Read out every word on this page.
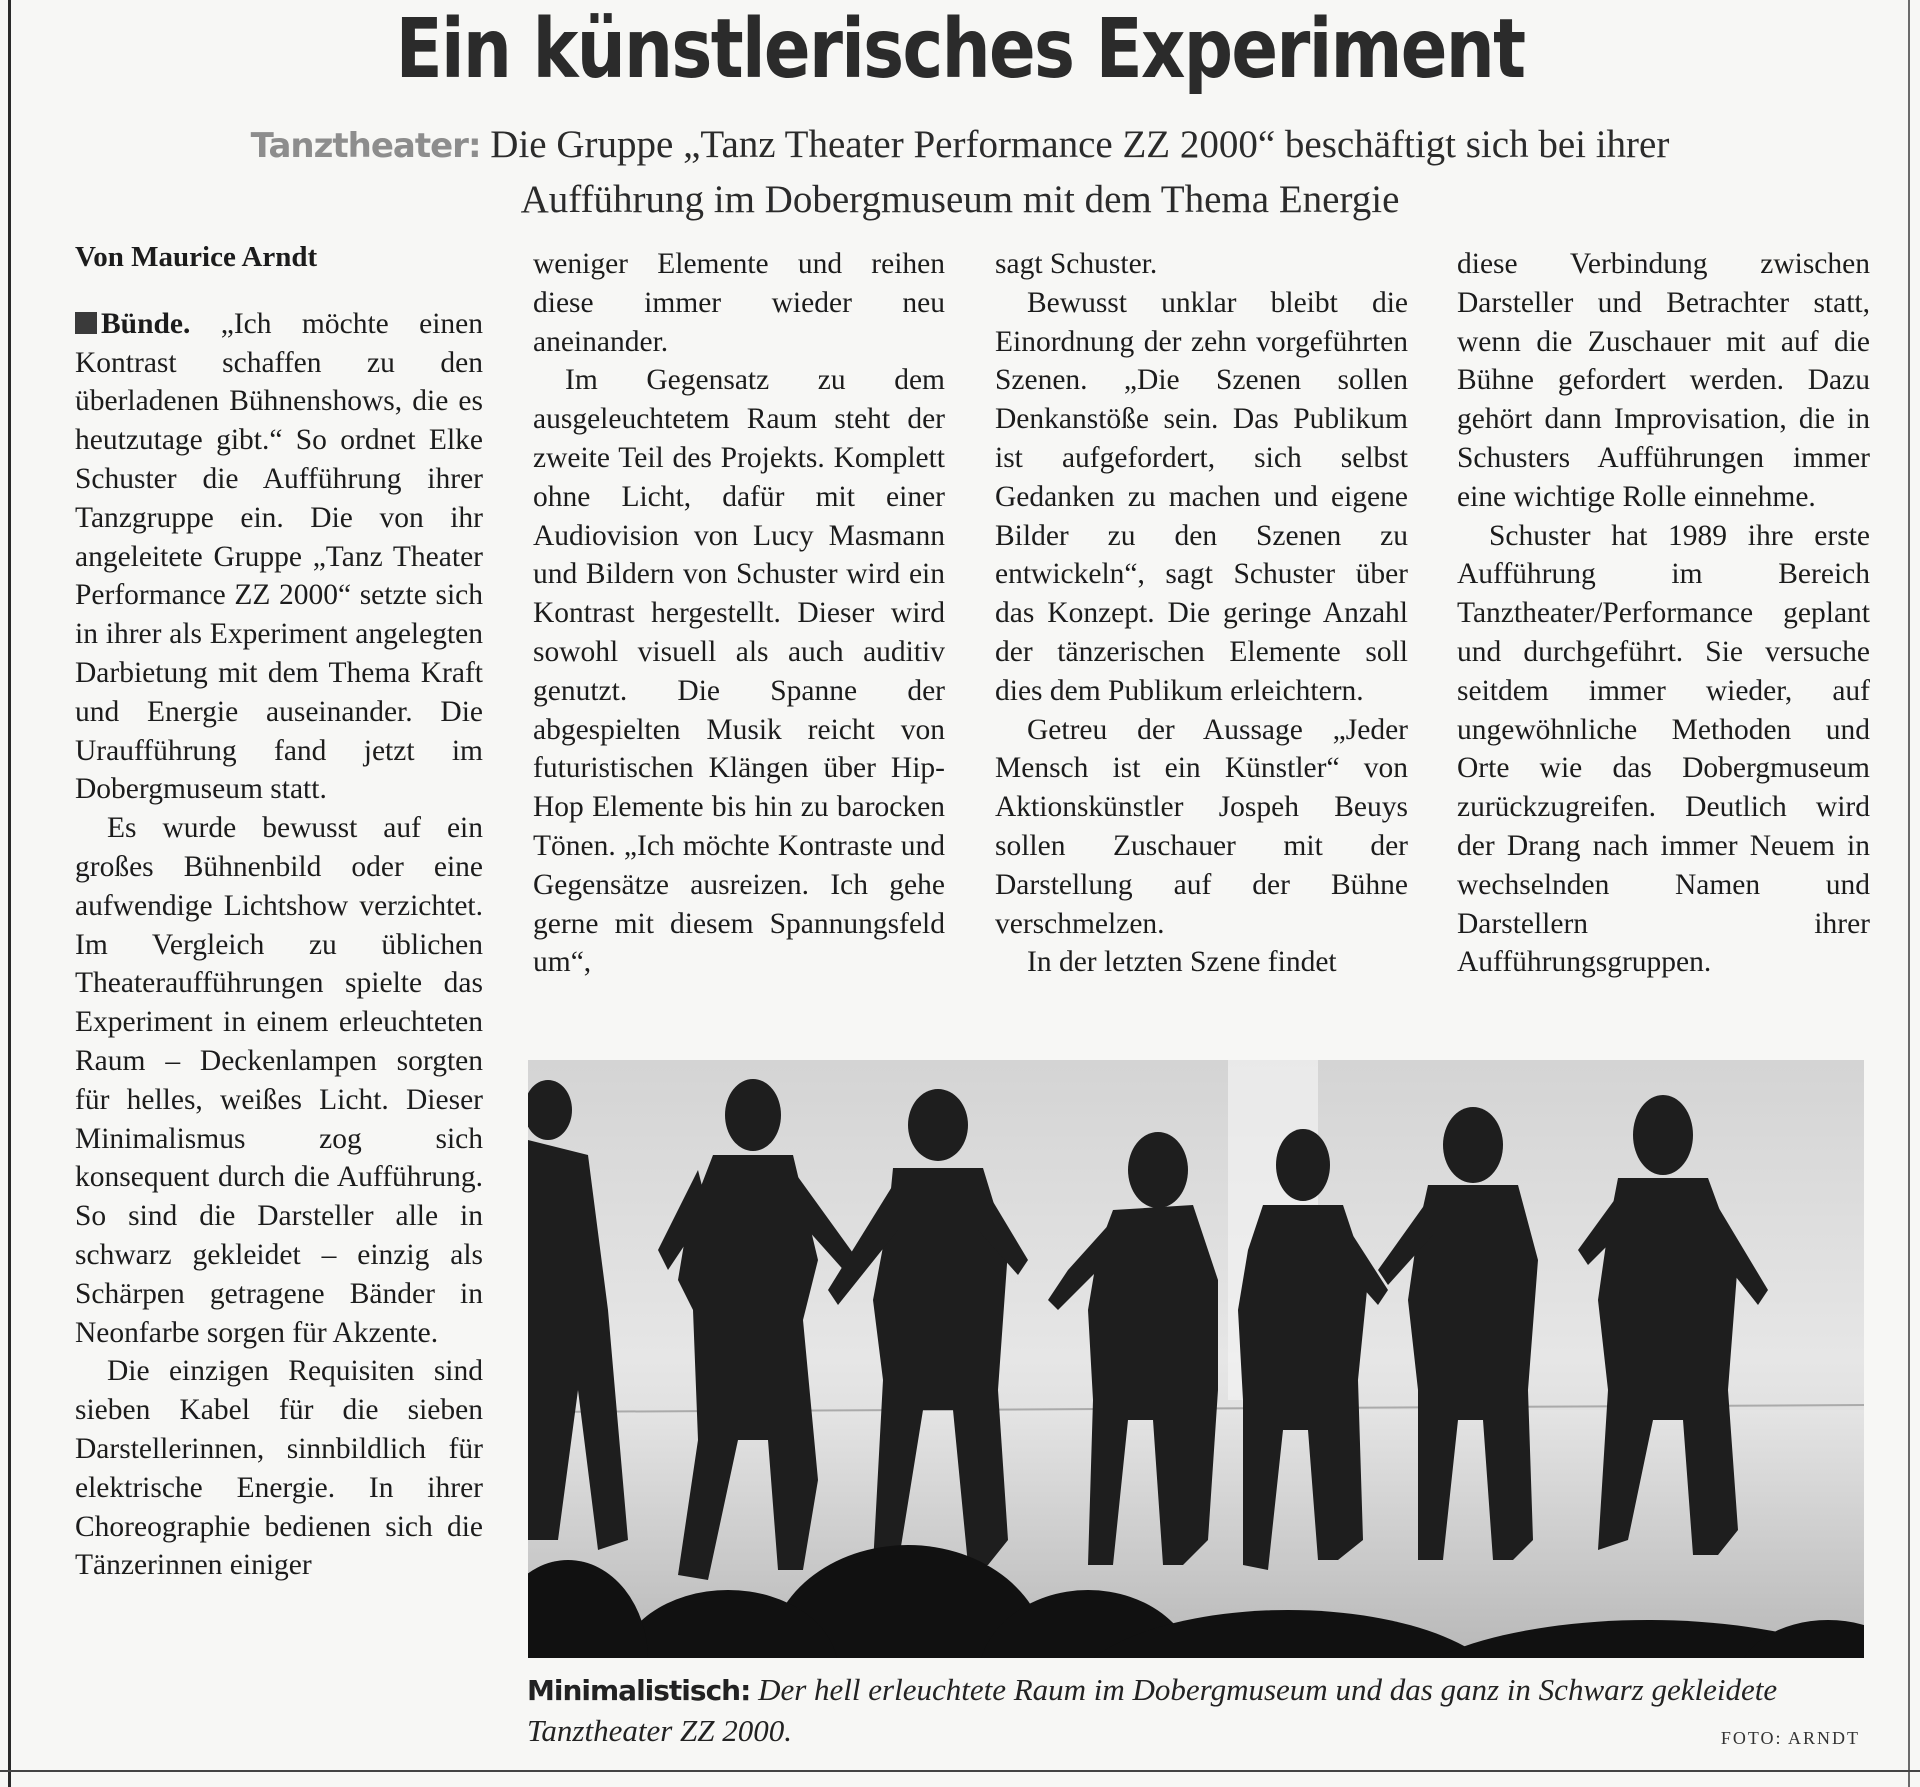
Ein künstlerisches Experiment
Tanztheater: Die Gruppe „Tanz Theater Performance ZZ 2000“ beschäftigt sich bei ihrer
Aufführung im Dobergmuseum mit dem Thema Energie

Von Maurice Arndt

Bünde. „Ich möchte einen Kontrast schaffen zu den überladenen Bühnenshows, die es heutzutage gibt.“ So ordnet Elke Schuster die Aufführung ihrer Tanzgruppe ein. Die von ihr angeleitete Gruppe „Tanz Theater Performance ZZ 2000“ setzte sich in ihrer als Experiment angelegten Darbietung mit dem Thema Kraft und Energie auseinander. Die Uraufführung fand jetzt im Dobergmuseum statt.

Es wurde bewusst auf ein großes Bühnenbild oder eine aufwendige Lichtshow verzichtet. Im Vergleich zu üblichen Theateraufführungen spielte das Experiment in einem erleuchteten Raum – Deckenlampen sorgten für helles, weißes Licht. Dieser Minimalismus zog sich konsequent durch die Aufführung. So sind die Darsteller alle in schwarz gekleidet – einzig als Schärpen getragene Bänder in Neonfarbe sorgen für Akzente.

Die einzigen Requisiten sind sieben Kabel für die sieben Darstellerinnen, sinnbildlich für elektrische Energie. In ihrer Choreographie bedienen sich die Tänzerinnen einiger

weniger Elemente und reihen diese immer wieder neu aneinander.

Im Gegensatz zu dem ausgeleuchtetem Raum steht der zweite Teil des Projekts. Komplett ohne Licht, dafür mit einer Audiovision von Lucy Masmann und Bildern von Schuster wird ein Kontrast hergestellt. Dieser wird sowohl visuell als auch auditiv genutzt. Die Spanne der abgespielten Musik reicht von futuristischen Klängen über Hip-Hop Elemente bis hin zu barocken Tönen. „Ich möchte Kontraste und Gegensätze ausreizen. Ich gehe gerne mit diesem Spannungsfeld um“,

sagt Schuster.

Bewusst unklar bleibt die Einordnung der zehn vorgeführten Szenen. „Die Szenen sollen Denkanstöße sein. Das Publikum ist aufgefordert, sich selbst Gedanken zu machen und eigene Bilder zu den Szenen zu entwickeln“, sagt Schuster über das Konzept. Die geringe Anzahl der tänzerischen Elemente soll dies dem Publikum erleichtern.

Getreu der Aussage „Jeder Mensch ist ein Künstler“ von Aktionskünstler Jospeh Beuys sollen Zuschauer mit der Darstellung auf der Bühne verschmelzen.

In der letzten Szene findet

diese Verbindung zwischen Darsteller und Betrachter statt, wenn die Zuschauer mit auf die Bühne gefordert werden. Dazu gehört dann Improvisation, die in Schusters Aufführungen immer eine wichtige Rolle einnehme.

Schuster hat 1989 ihre erste Aufführung im Bereich Tanztheater/Performance geplant und durchgeführt. Sie versuche seitdem immer wieder, auf ungewöhnliche Methoden und Orte wie das Dobergmuseum zurückzugreifen. Deutlich wird der Drang nach immer Neuem in wechselnden Namen und Darstellern ihrer Aufführungsgruppen.

Minimalistisch: Der hell erleuchtete Raum im Dobergmuseum und das ganz in Schwarz gekleidete Tanztheater ZZ 2000.	FOTO: ARNDT
